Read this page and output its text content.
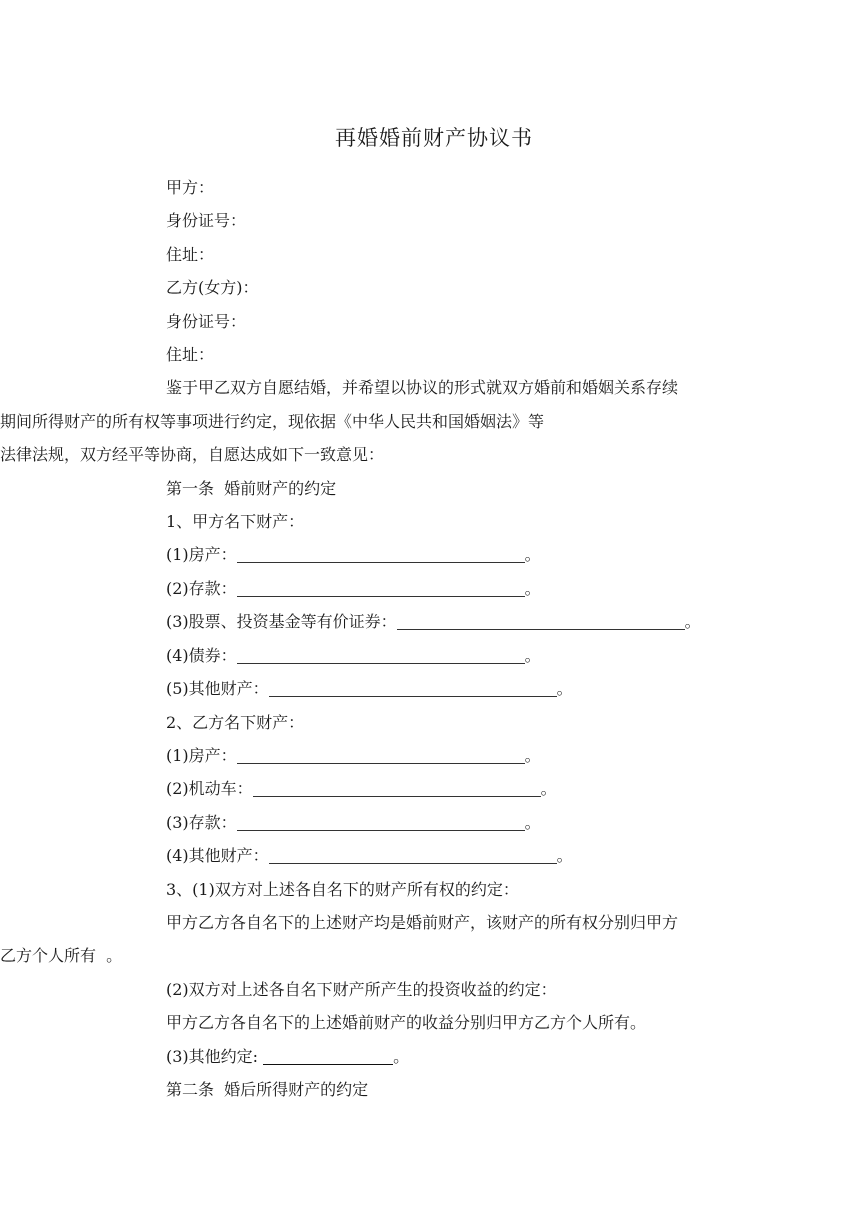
再婚婚前财产协议书

甲方：

身份证号：

住址：

乙方(女方)：

身份证号：

住址：

鉴于甲乙双方自愿结婚，并希望以协议的形式就双方婚前和婚姻关系存续

期间所得财产的所有权等事项进行约定，现依据《中华人民共和国婚姻法》等

法律法规，双方经平等协商，自愿达成如下一致意见：

第一条  婚前财产的约定

1、甲方名下财产：

(1)房产：	。

(2)存款：	。

(3)股票、投资基金等有价证券：	。

(4)债券：	。

(5)其他财产：	。

2、乙方名下财产：

(1)房产：	。

(2)机动车：	。

(3)存款：	。

(4)其他财产：	。

3、(1)双方对上述各自名下的财产所有权的约定：

甲方乙方各自名下的上述财产均是婚前财产，该财产的所有权分别归甲方

乙方个人所有  。

(2)双方对上述各自名下财产所产生的投资收益的约定：

甲方乙方各自名下的上述婚前财产的收益分别归甲方乙方个人所有。

(3)其他约定:	。

第二条  婚后所得财产的约定
